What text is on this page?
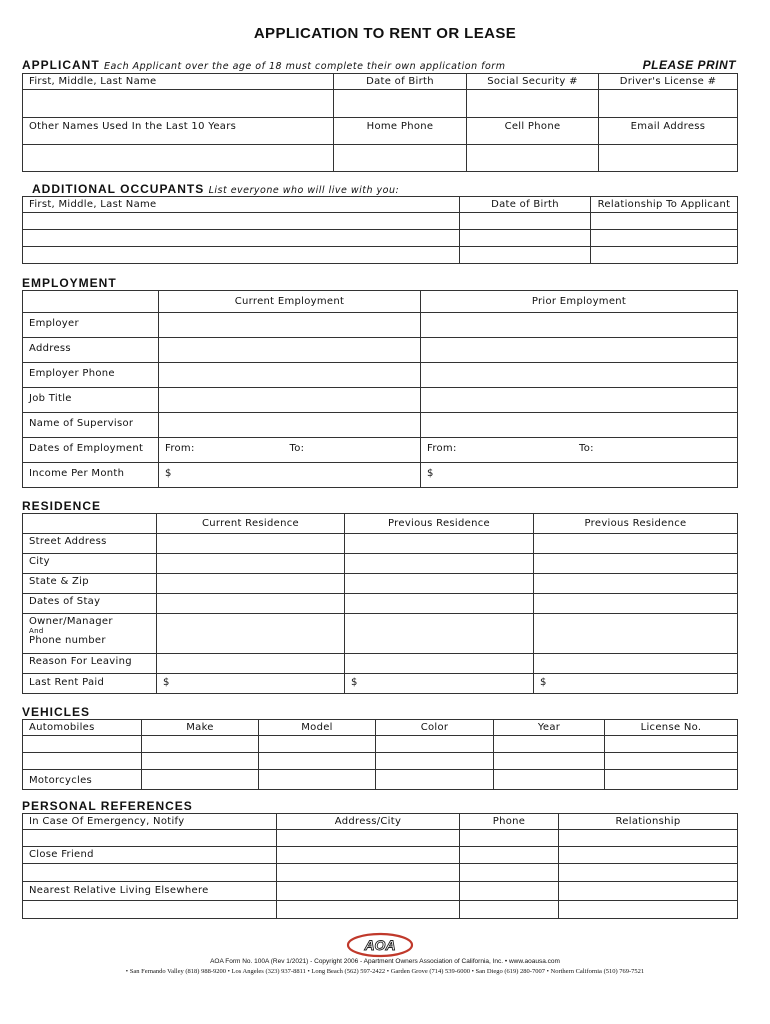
APPLICATION TO RENT OR LEASE
APPLICANT Each Applicant over the age of 18 must complete their own application form	PLEASE PRINT
First, Middle, Last Name	Date of Birth	Social Security #	Driver's License #

Other Names Used In the Last 10 Years	Home Phone	Cell Phone	Email Address

ADDITIONAL OCCUPANTS List everyone who will live with you:
First, Middle, Last Name	Date of Birth	Relationship To Applicant

EMPLOYMENT
	Current Employment	Prior Employment
Employer		
Address		
Employer Phone		
Job Title		
Name of Supervisor		
Dates of Employment	From: To:	From: To:

Income Per Month	$	$
RESIDENCE
	Current Residence	Previous Residence	Previous Residence
Street Address			
City			
State & Zip			
Dates of Stay			

Owner/Manager
And
Phone number			

Reason For Leaving			
Last Rent Paid	$	$	$
VEHICLES
Automobiles	Make	Model	Color	Year	License No.

Motorcycles					
PERSONAL REFERENCES
In Case Of Emergency, Notify	Address/City	Phone	Relationship

Close Friend			

Nearest Relative Living Elsewhere			

AOA
AOA Form No. 100A (Rev 1/2021) - Copyright 2006 - Apartment Owners Association of California, Inc. • www.aoausa.com
• San Fernando Valley (818) 988-9200 • Los Angeles (323) 937-8811 • Long Beach (562) 597-2422 • Garden Grove (714) 539-6000 • San Diego (619) 280-7007 • Northern California (510) 769-7521
